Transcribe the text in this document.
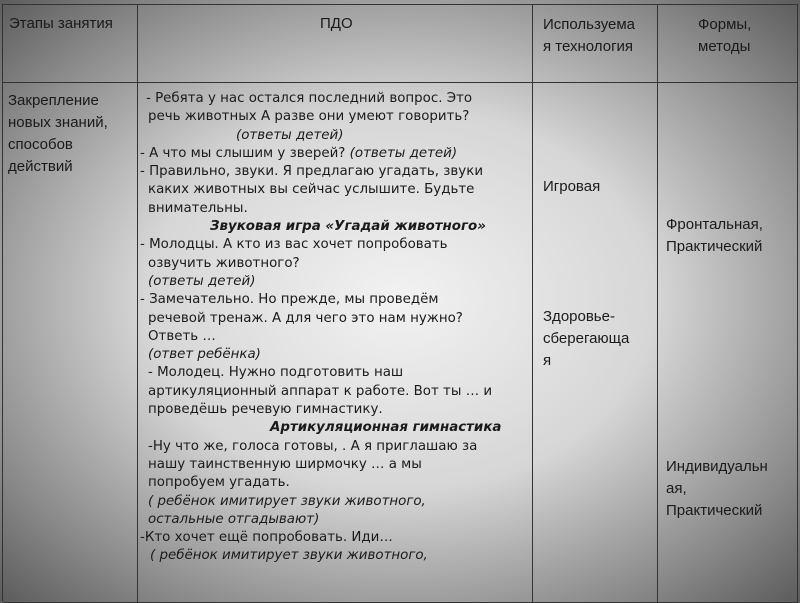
Этапы занятия	ПДО	Используема
я технология
Формы,
методы
Закрепление
новых знаний,
способов
действий
- Ребята у нас остался последний вопрос. Это
речь животных А разве они умеют говорить?
(ответы детей)
- А что мы слышим у зверей? (ответы детей)
- Правильно, звуки. Я предлагаю угадать, звуки
каких животных вы сейчас услышите. Будьте
внимательны.
Звуковая игра «Угадай животного»
- Молодцы. А кто из вас хочет попробовать
озвучить животного?
(ответы детей)
- Замечательно. Но прежде, мы проведём
речевой тренаж. А для чего это нам нужно?
Ответь …
(ответ ребёнка)
- Молодец. Нужно подготовить наш
артикуляционный аппарат к работе. Вот ты … и
проведёшь речевую гимнастику.
Артикуляционная гимнастика
-Ну что же, голоса готовы, . А я приглашаю за
нашу таинственную ширмочку … а мы
попробуем угадать.
( ребёнок имитирует звуки животного,
остальные отгадывают)
-Кто хочет ещё попробовать. Иди…
( ребёнок имитирует звуки животного,
Игровая
Здоровье-
сберегающа
я
Фронтальная,
Практический
Индивидуальн
ая,
Практический
